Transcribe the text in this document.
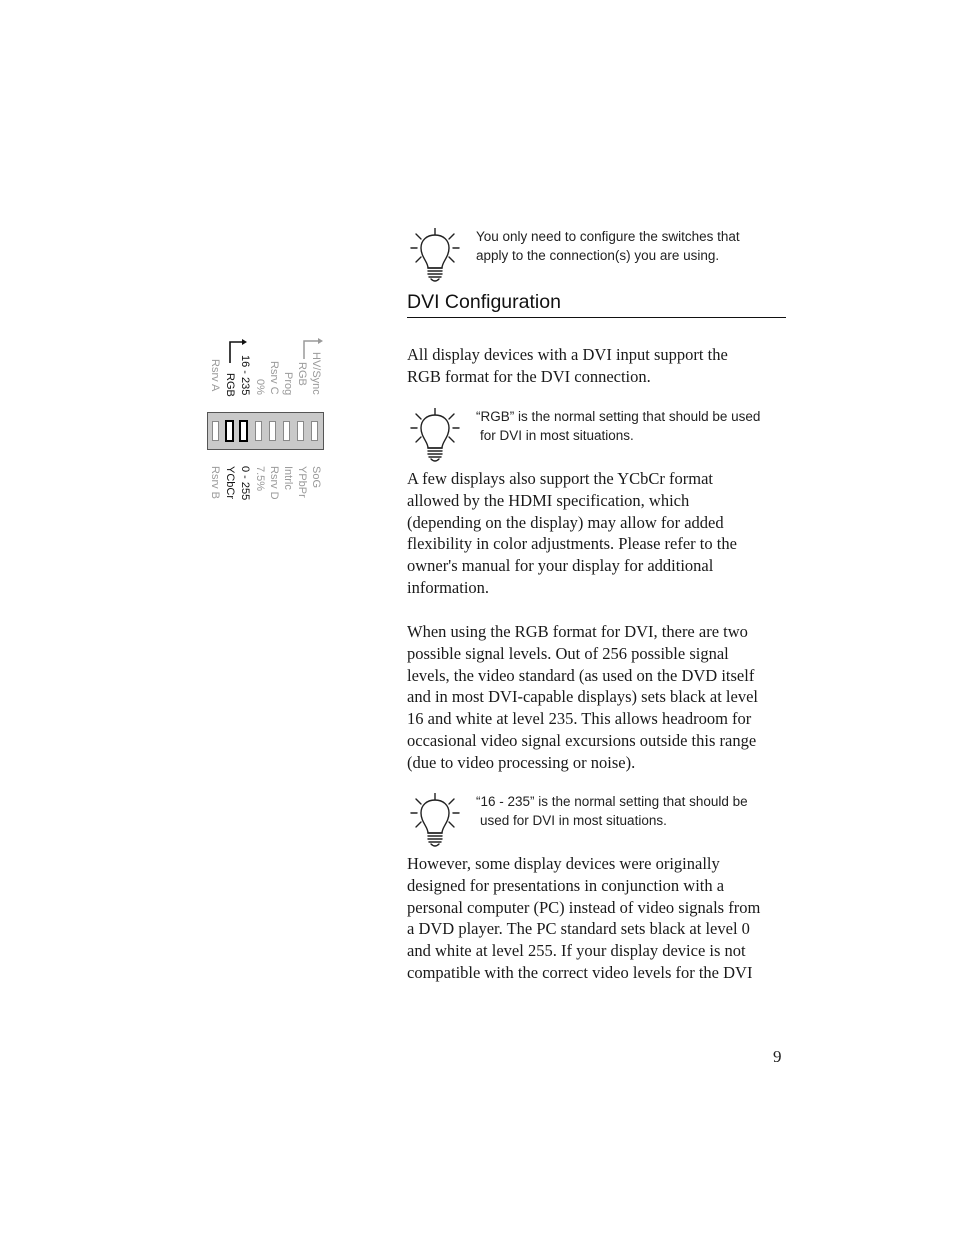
You only need to configure the switches that
apply to the connection(s) you are using.
DVI Configuration
All display devices with a DVI input support the
RGB format for the DVI connection.
“RGB” is the normal setting that should be used
for DVI in most situations.
A few displays also support the YCbCr format
allowed by the HDMI specification, which
(depending on the display) may allow for added
flexibility in color adjustments. Please refer to the
owner's manual for your display for additional
information.
When using the RGB format for DVI, there are two
possible signal levels. Out of 256 possible signal
levels, the video standard (as used on the DVD itself
and in most DVI-capable displays) sets black at level
16 and white at level 235. This allows headroom for
occasional video signal excursions outside this range
(due to video processing or noise).
“16 - 235” is the normal setting that should be
used for DVI in most situations.
However, some display devices were originally
designed for presentations in conjunction with a
personal computer (PC) instead of video signals from
a DVD player. The PC standard sets black at level 0
and white at level 255. If your display device is not
compatible with the correct video levels for the DVI
9
HV/Sync
RGB
Prog
Rsrv C
0%
16 - 235
RGB
Rsrv A
SoG
YPbPr
Intrlc
Rsrv D
7.5%
0 - 255
YCbCr
Rsrv B
